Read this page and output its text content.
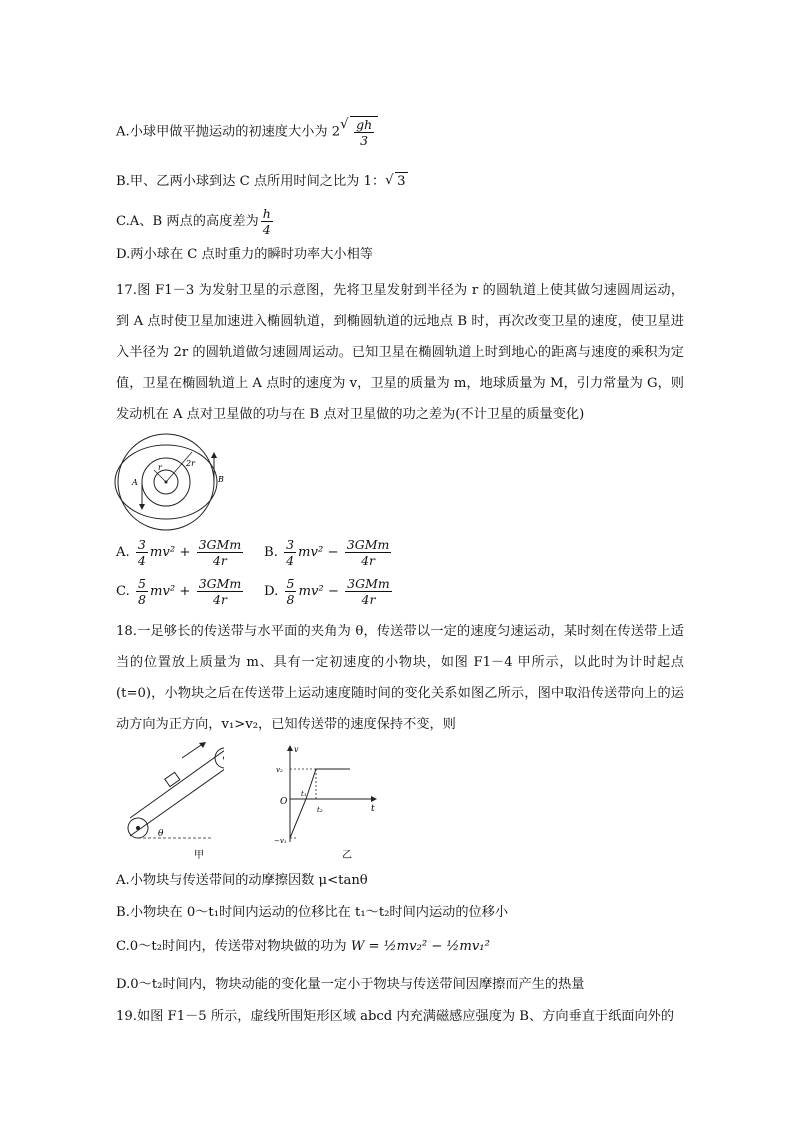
A.小球甲做平抛运动的初速度大小为 2 √ $\frac{gh}{3}$
B.甲、乙两小球到达 C 点所用时间之比为 1： √ 3
C.A、B 两点的高度差为 $\frac{h}{4}$
D.两小球在 C 点时重力的瞬时功率大小相等
17.图 F1－3 为发射卫星的示意图，先将卫星发射到半径为 r 的圆轨道上使其做匀速圆周运动，到 A 点时使卫星加速进入椭圆轨道，到椭圆轨道的远地点 B 时，再次改变卫星的速度，使卫星进入半径为 2r 的圆轨道做匀速圆周运动。已知卫星在椭圆轨道上时到地心的距离与速度的乘积为定值，卫星在椭圆轨道上 A 点时的速度为 v，卫星的质量为 m，地球质量为 M，引力常量为 G，则发动机在 A 点对卫星做的功与在 B 点对卫星做的功之差为(不计卫星的质量变化)
r	2r
A	B
A. $\frac{3}{4} mv^2 + \frac{\text{3GMm}}{4r} B$. $\frac{3}{4} mv^2 - \frac{\text{3GMm}}{4r}$
C. $\frac{5}{8} mv^2 + \frac{\text{3GMm}}{4r} D$. $\frac{5}{8} mv^2 - \frac{\text{3GMm}}{4r}$
18.一足够长的传送带与水平面的夹角为 θ，传送带以一定的速度匀速运动，某时刻在传送带上适当的位置放上质量为 m、具有一定初速度的小物块，如图 F1－4 甲所示，以此时为计时起点(t=0)，小物块之后在传送带上运动速度随时间的变化关系如图乙所示，图中取沿传送带向上的运动方向为正方向，v₁>v₂，已知传送带的速度保持不变，则
θ
甲
v
t
O
v₂
−v₁
t₁
t₂
乙
A.小物块与传送带间的动摩擦因数 μ<tanθ
B.小物块在 0～t₁时间内运动的位移比在 t₁～t₂时间内运动的位移小
C.0～t₂时间内，传送带对物块做的功为 W = ½mv₂² − ½mv₁²
D.0～t₂时间内，物块动能的变化量一定小于物块与传送带间因摩擦而产生的热量
19.如图 F1－5 所示，虚线所围矩形区域 abcd 内充满磁感应强度为 B、方向垂直于纸面向外的
